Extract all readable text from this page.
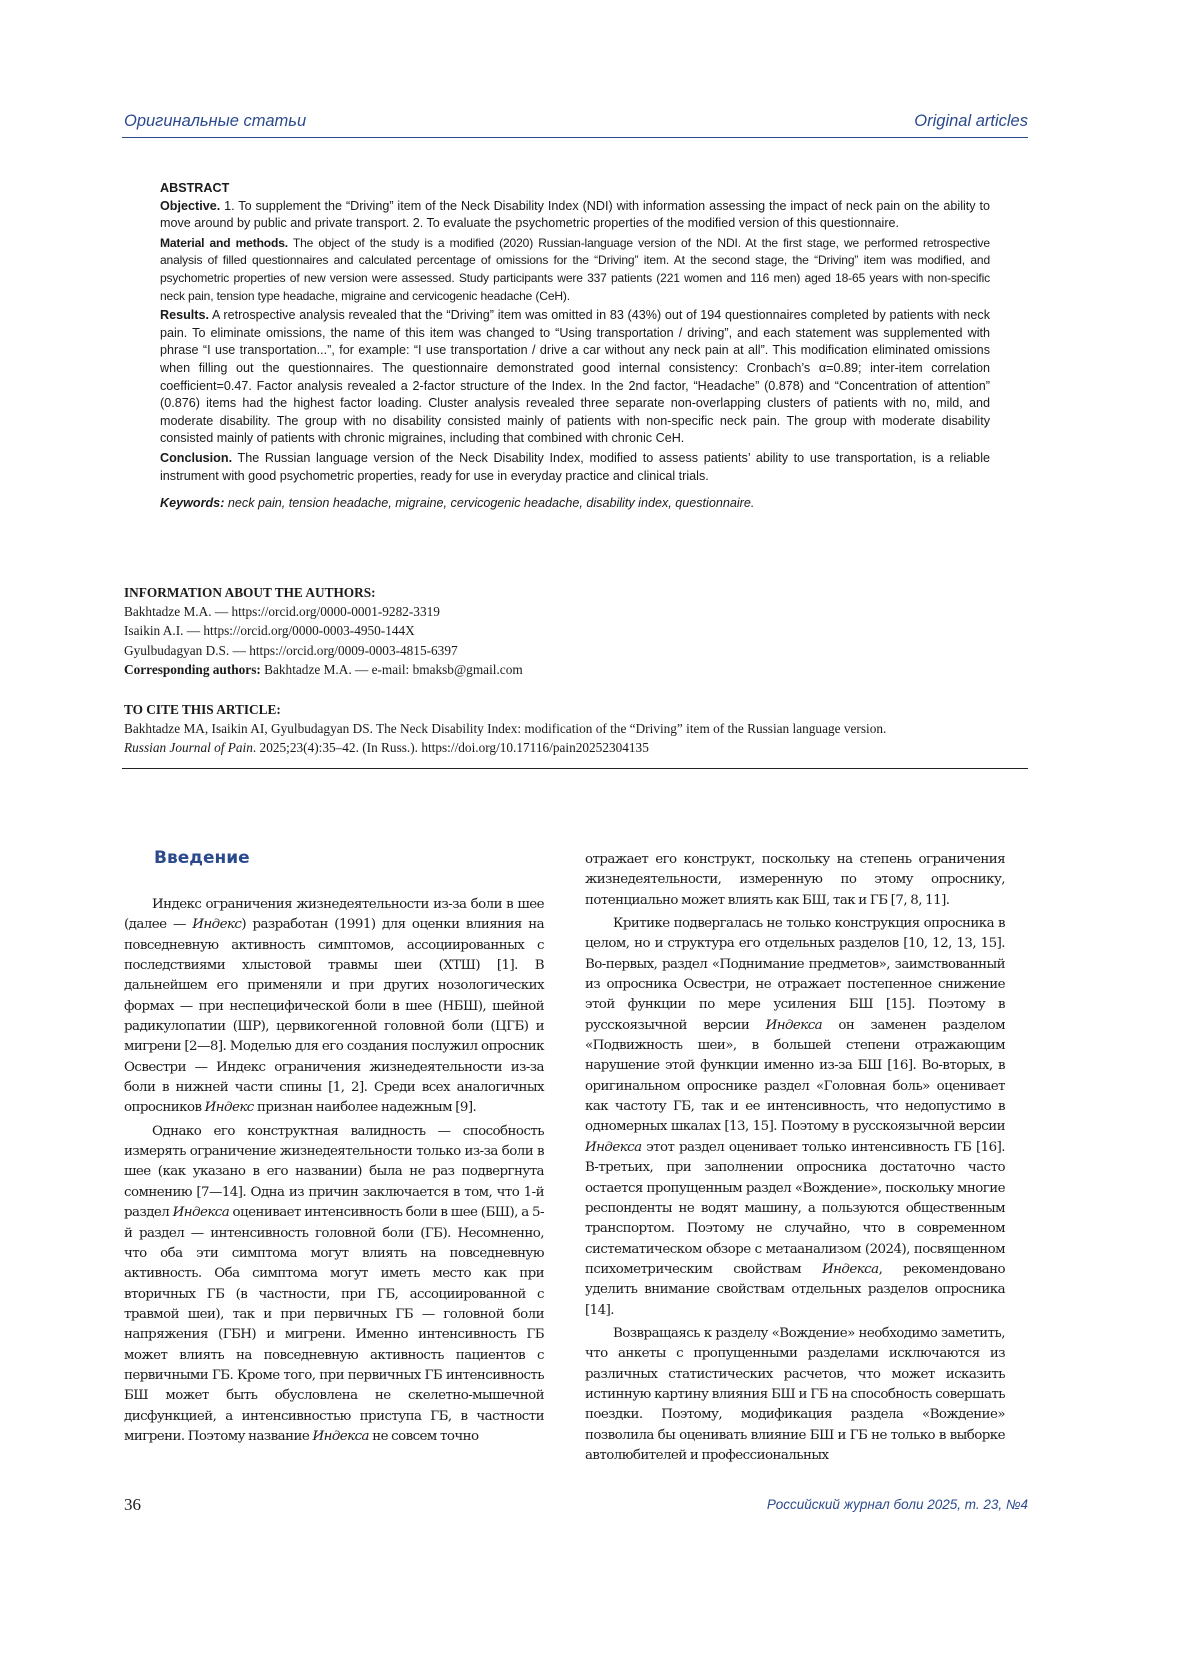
Оригинальные статьи	Original articles

ABSTRACT

Objective. 1. To supplement the “Driving” item of the Neck Disability Index (NDI) with information assessing the impact of neck pain on the ability to move around by public and private transport. 2. To evaluate the psychometric properties of the modified version of this questionnaire.

Material and methods. The object of the study is a modified (2020) Russian-language version of the NDI. At the first stage, we performed retrospective analysis of filled questionnaires and calculated percentage of omissions for the “Driving” item. At the second stage, the “Driving” item was modified, and psychometric properties of new version were assessed. Study participants were 337 patients (221 women and 116 men) aged 18-65 years with non-specific neck pain, tension type headache, migraine and cervicogenic headache (CeH).

Results. A retrospective analysis revealed that the “Driving” item was omitted in 83 (43%) out of 194 questionnaires completed by patients with neck pain. To eliminate omissions, the name of this item was changed to “Using transportation / driving”, and each statement was supplemented with phrase “I use transportation...”, for example: “I use transportation / drive a car without any neck pain at all”. This modification eliminated omissions when filling out the questionnaires. The questionnaire demonstrated good internal consistency: Cronbach’s α=0.89; inter-item correlation coefficient=0.47. Factor analysis revealed a 2-factor structure of the Index. In the 2nd factor, “Headache” (0.878) and “Concentration of attention” (0.876) items had the highest factor loading. Cluster analysis revealed three separate non-overlapping clusters of patients with no, mild, and moderate disability. The group with no disability consisted mainly of patients with non-specific neck pain. The group with moderate disability consisted mainly of patients with chronic migraines, including that combined with chronic CeH.

Conclusion. The Russian language version of the Neck Disability Index, modified to assess patients’ ability to use transportation, is a reliable instrument with good psychometric properties, ready for use in everyday practice and clinical trials.

Keywords: neck pain, tension headache, migraine, cervicogenic headache, disability index, questionnaire.

INFORMATION ABOUT THE AUTHORS:
Bakhtadze M.A. — https://orcid.org/0000-0001-9282-3319
Isaikin A.I. — https://orcid.org/0000-0003-4950-144X
Gyulbudagyan D.S. — https://orcid.org/0009-0003-4815-6397
Corresponding authors: Bakhtadze M.A. — e-mail: bmaksb@gmail.com
TO CITE THIS ARTICLE:
Bakhtadze MA, Isaikin AI, Gyulbudagyan DS. The Neck Disability Index: modification of the “Driving” item of the Russian language version.
Russian Journal of Pain. 2025;23(4):35–42. (In Russ.). https://doi.org/10.17116/pain20252304135
Введение

Индекс ограничения жизнедеятельности из-за боли в шее (далее — Индекс) разработан (1991) для оценки влияния на повседневную активность симптомов, ассоциированных с последствиями хлыстовой травмы шеи (ХТШ) [1]. В дальнейшем его применяли и при других нозологических формах — при неспецифической боли в шее (НБШ), шейной радикулопатии (ШР), цервикогенной головной боли (ЦГБ) и мигрени [2—8]. Моделью для его создания послужил опросник Освестри — Индекс ограничения жизнедеятельности из-за боли в нижней части спины [1, 2]. Среди всех аналогичных опросников Индекс признан наиболее надежным [9].

Однако его конструктная валидность — способность измерять ограничение жизнедеятельности только из-за боли в шее (как указано в его названии) была не раз подвергнута сомнению [7—14]. Одна из причин заключается в том, что 1-й раздел Индекса оценивает интенсивность боли в шее (БШ), а 5-й раздел — интенсивность головной боли (ГБ). Несомненно, что оба эти симптома могут влиять на повседневную активность. Оба симптома могут иметь место как при вторичных ГБ (в частности, при ГБ, ассоциированной с травмой шеи), так и при первичных ГБ — головной боли напряжения (ГБН) и мигрени. Именно интенсивность ГБ может влиять на повседневную активность пациентов с первичными ГБ. Кроме того, при первичных ГБ интенсивность БШ может быть обусловлена не скелетно-мышечной дисфункцией, а интенсивностью приступа ГБ, в частности мигрени. Поэтому название Индекса не совсем точно

отражает его конструкт, поскольку на степень ограничения жизнедеятельности, измеренную по этому опроснику, потенциально может влиять как БШ, так и ГБ [7, 8, 11].

Критике подвергалась не только конструкция опросника в целом, но и структура его отдельных разделов [10, 12, 13, 15]. Во-первых, раздел «Поднимание предметов», заимствованный из опросника Освестри, не отражает постепенное снижение этой функции по мере усиления БШ [15]. Поэтому в русскоязычной версии Индекса он заменен разделом «Подвижность шеи», в большей степени отражающим нарушение этой функции именно из-за БШ [16]. Во-вторых, в оригинальном опроснике раздел «Головная боль» оценивает как частоту ГБ, так и ее интенсивность, что недопустимо в одномерных шкалах [13, 15]. Поэтому в русскоязычной версии Индекса этот раздел оценивает только интенсивность ГБ [16]. В-третьих, при заполнении опросника достаточно часто остается пропущенным раздел «Вождение», поскольку многие респонденты не водят машину, а пользуются общественным транспортом. Поэтому не случайно, что в современном систематическом обзоре с метаанализом (2024), посвященном психометрическим свойствам Индекса, рекомендовано уделить внимание свойствам отдельных разделов опросника [14].

Возвращаясь к разделу «Вождение» необходимо заметить, что анкеты с пропущенными разделами исключаются из различных статистических расчетов, что может исказить истинную картину влияния БШ и ГБ на способность совершать поездки. Поэтому, модификация раздела «Вождение» позволила бы оценивать влияние БШ и ГБ не только в выборке автолюбителей и профессиональных

36	Российский журнал боли 2025, т. 23, №4
